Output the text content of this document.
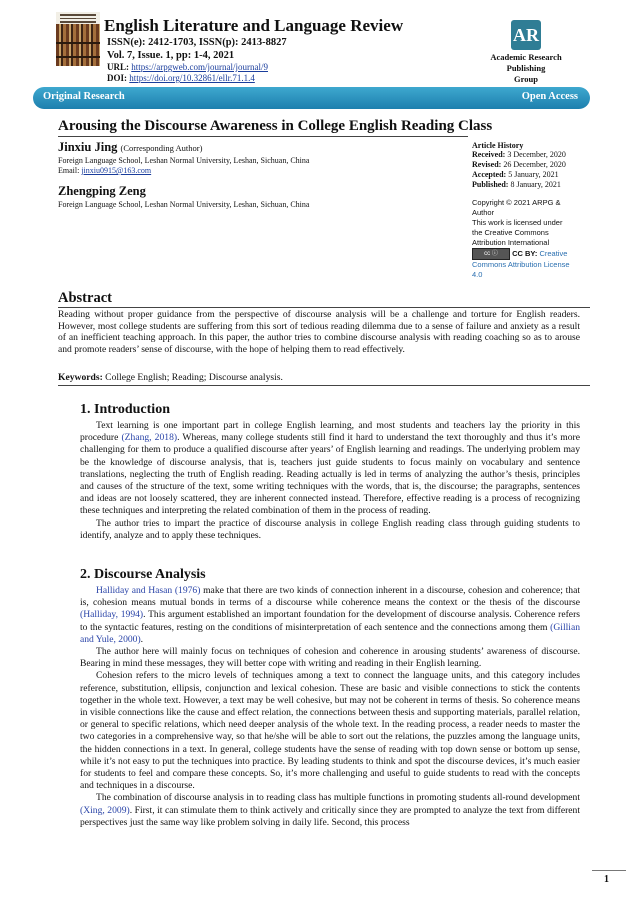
English Literature and Language Review
ISSN(e): 2412-1703, ISSN(p): 2413-8827
Vol. 7, Issue. 1, pp: 1-4, 2021
URL: https://arpgweb.com/journal/journal/9
DOI: https://doi.org/10.32861/ellr.71.1.4
AR
Academic Research Publishing
Group
Original Research	Open Access
Arousing the Discourse Awareness in College English Reading Class
Jinxiu Jing (Corresponding Author)
Foreign Language School, Leshan Normal University, Leshan, Sichuan, China
Email: jinxiu0915@163.com
Zhengping Zeng
Foreign Language School, Leshan Normal University, Leshan, Sichuan, China
Article History
Received: 3 December, 2020
Revised: 26 December, 2020
Accepted: 5 January, 2021
Published: 8 January, 2021
Copyright © 2021 ARPG &
Author
This work is licensed under
the Creative Commons
Attribution International
cc ⓘ CC BY: Creative
Commons Attribution License
4.0
Abstract
Reading without proper guidance from the perspective of discourse analysis will be a challenge and torture for English readers. However, most college students are suffering from this sort of tedious reading dilemma due to a sense of failure and anxiety as a result of an inefficient teaching approach. In this paper, the author tries to combine discourse analysis with reading coaching so as to arouse and promote readers’ sense of discourse, with the hope of helping them to read effectively.
Keywords: College English; Reading; Discourse analysis.
1. Introduction

Text learning is one important part in college English learning, and most students and teachers lay the priority in this procedure (Zhang, 2018). Whereas, many college students still find it hard to understand the text thoroughly and thus it’s more challenging for them to produce a qualified discourse after years’ of English learning and readings. The underlying problem may be the knowledge of discourse analysis, that is, teachers just guide students to focus mainly on vocabulary and sentence translations, neglecting the truth of English reading. Reading actually is led in terms of analyzing the author’s thesis, principles and causes of the structure of the text, some writing techniques with the words, that is, the discourse; the paragraphs, sentences and ideas are not loosely scattered, they are inherent connected instead. Therefore, effective reading is a process of recognizing these techniques and interpreting the related combination of them in the process of reading.

The author tries to impart the practice of discourse analysis in college English reading class through guiding students to identify, analyze and to apply these techniques.

2. Discourse Analysis

Halliday and Hasan (1976) make that there are two kinds of connection inherent in a discourse, cohesion and coherence; that is, cohesion means mutual bonds in terms of a discourse while coherence means the context or the thesis of the discourse (Halliday, 1994). This argument established an important foundation for the development of discourse analysis. Coherence refers to the syntactic features, resting on the conditions of misinterpretation of each sentence and the connections among them (Gillian and Yule, 2000).

The author here will mainly focus on techniques of cohesion and coherence in arousing students’ awareness of discourse. Bearing in mind these messages, they will better cope with writing and reading in their English learning.

Cohesion refers to the micro levels of techniques among a text to connect the language units, and this category includes reference, substitution, ellipsis, conjunction and lexical cohesion. These are basic and visible connections to stick the contents together in the whole text. However, a text may be well cohesive, but may not be coherent in terms of thesis. So coherence means in visible connections like the cause and effect relation, the connections between thesis and supporting materials, parallel relation, or general to specific relations, which need deeper analysis of the whole text. In the reading process, a reader needs to master the two categories in a comprehensive way, so that he/she will be able to sort out the relations, the puzzles among the language units, the hidden connections in a text. In general, college students have the sense of reading with top down sense or bottom up sense, while it’s not easy to put the techniques into practice. By leading students to think and spot the discourse devices, it’s much easier for students to feel and compare these concepts. So, it’s more challenging and useful to guide students to read with the concepts and techniques in a discourse.

The combination of discourse analysis in to reading class has multiple functions in promoting students all-round development (Xing, 2009). First, it can stimulate them to think actively and critically since they are prompted to analyze the text from different perspectives just the same way like problem solving in daily life. Second, this process

1
